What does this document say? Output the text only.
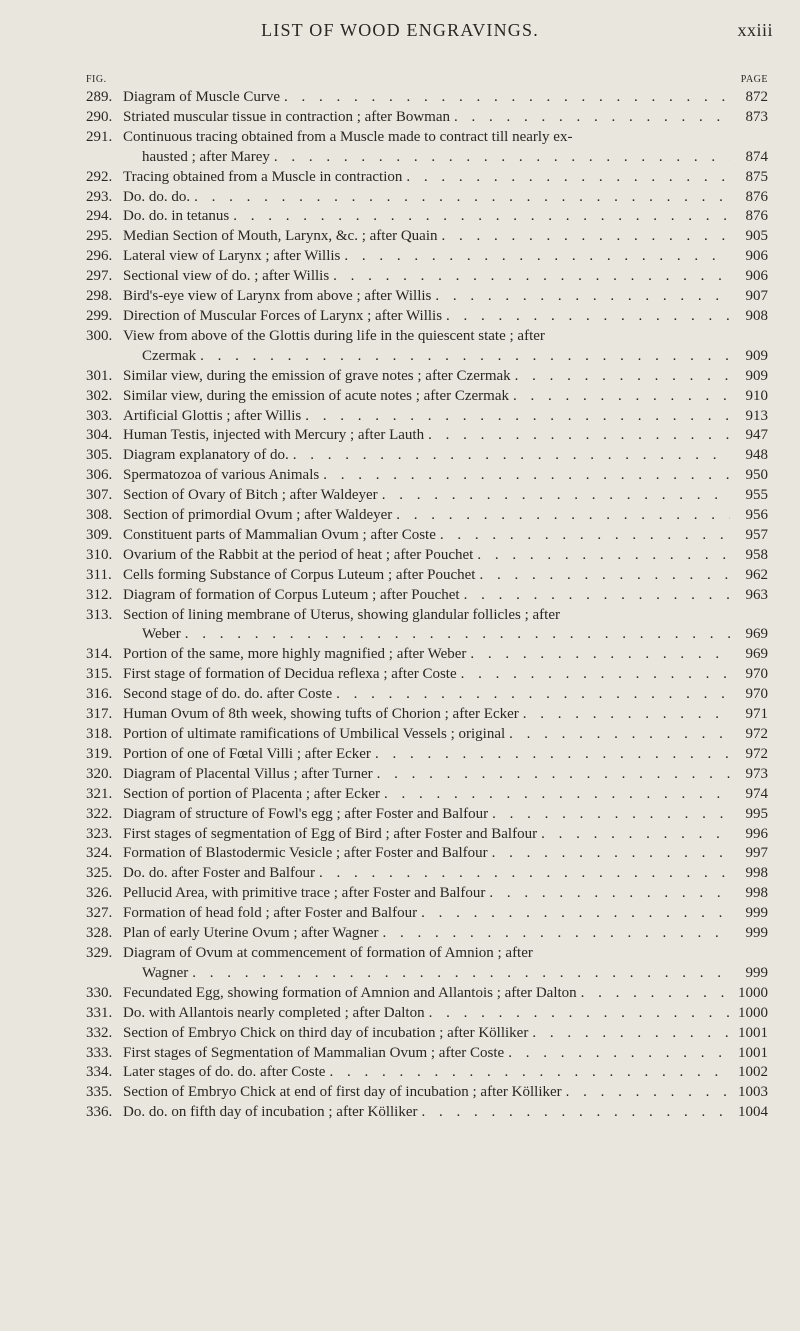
LIST OF WOOD ENGRAVINGS.	xxiii
FIG.	PAGE
289. Diagram of Muscle Curve . . .	872
290. Striated muscular tissue in contraction ; after Bowman . . .	873
291. Continuous tracing obtained from a Muscle made to contract till nearly ex-
hausted ; after Marey . . .	874
292. Tracing obtained from a Muscle in contraction . . .	875
293. Do. do. do. . . .	876
294. Do. do. in tetanus . . .	876
295. Median Section of Mouth, Larynx, &c. ; after Quain . . .	905
296. Lateral view of Larynx ; after Willis . . .	906
297. Sectional view of do. ; after Willis . . .	906
298. Bird's-eye view of Larynx from above ; after Willis . . .	907
299. Direction of Muscular Forces of Larynx ; after Willis . . .	908
300. View from above of the Glottis during life in the quiescent state ; after
Czermak . . .	909
301. Similar view, during the emission of grave notes ; after Czermak . . .	909
302. Similar view, during the emission of acute notes ; after Czermak . . .	910
303. Artificial Glottis ; after Willis . . .	913
304. Human Testis, injected with Mercury ; after Lauth . . .	947
305. Diagram explanatory of do. . . .	948
306. Spermatozoa of various Animals . . .	950
307. Section of Ovary of Bitch ; after Waldeyer . . .	955
308. Section of primordial Ovum ; after Waldeyer . . .	956
309. Constituent parts of Mammalian Ovum ; after Coste . . .	957
310. Ovarium of the Rabbit at the period of heat ; after Pouchet . . .	958
311. Cells forming Substance of Corpus Luteum ; after Pouchet . . .	962
312. Diagram of formation of Corpus Luteum ; after Pouchet . . .	963
313. Section of lining membrane of Uterus, showing glandular follicles ; after
Weber . . .	969
314. Portion of the same, more highly magnified ; after Weber . . .	969
315. First stage of formation of Decidua reflexa ; after Coste . . .	970
316. Second stage of do. do. after Coste . . .	970
317. Human Ovum of 8th week, showing tufts of Chorion ; after Ecker . . .	971
318. Portion of ultimate ramifications of Umbilical Vessels ; original . . .	972
319. Portion of one of Fœtal Villi ; after Ecker . . .	972
320. Diagram of Placental Villus ; after Turner . . .	973
321. Section of portion of Placenta ; after Ecker . . .	974
322. Diagram of structure of Fowl's egg ; after Foster and Balfour . . .	995
323. First stages of segmentation of Egg of Bird ; after Foster and Balfour . . .	996
324. Formation of Blastodermic Vesicle ; after Foster and Balfour . . .	997
325. Do. do. after Foster and Balfour . . .	998
326. Pellucid Area, with primitive trace ; after Foster and Balfour . . .	998
327. Formation of head fold ; after Foster and Balfour . . .	999
328. Plan of early Uterine Ovum ; after Wagner . . .	999
329. Diagram of Ovum at commencement of formation of Amnion ; after
Wagner . . .	999
330. Fecundated Egg, showing formation of Amnion and Allantois ; after Dalton . . .	1000
331. Do. with Allantois nearly completed ; after Dalton . . .	1000
332. Section of Embryo Chick on third day of incubation ; after Kölliker . . .	1001
333. First stages of Segmentation of Mammalian Ovum ; after Coste . . .	1001
334. Later stages of do. do. after Coste . . .	1002
335. Section of Embryo Chick at end of first day of incubation ; after Kölliker . . .	1003
336. Do. do. on fifth day of incubation ; after Kölliker . . .	1004
